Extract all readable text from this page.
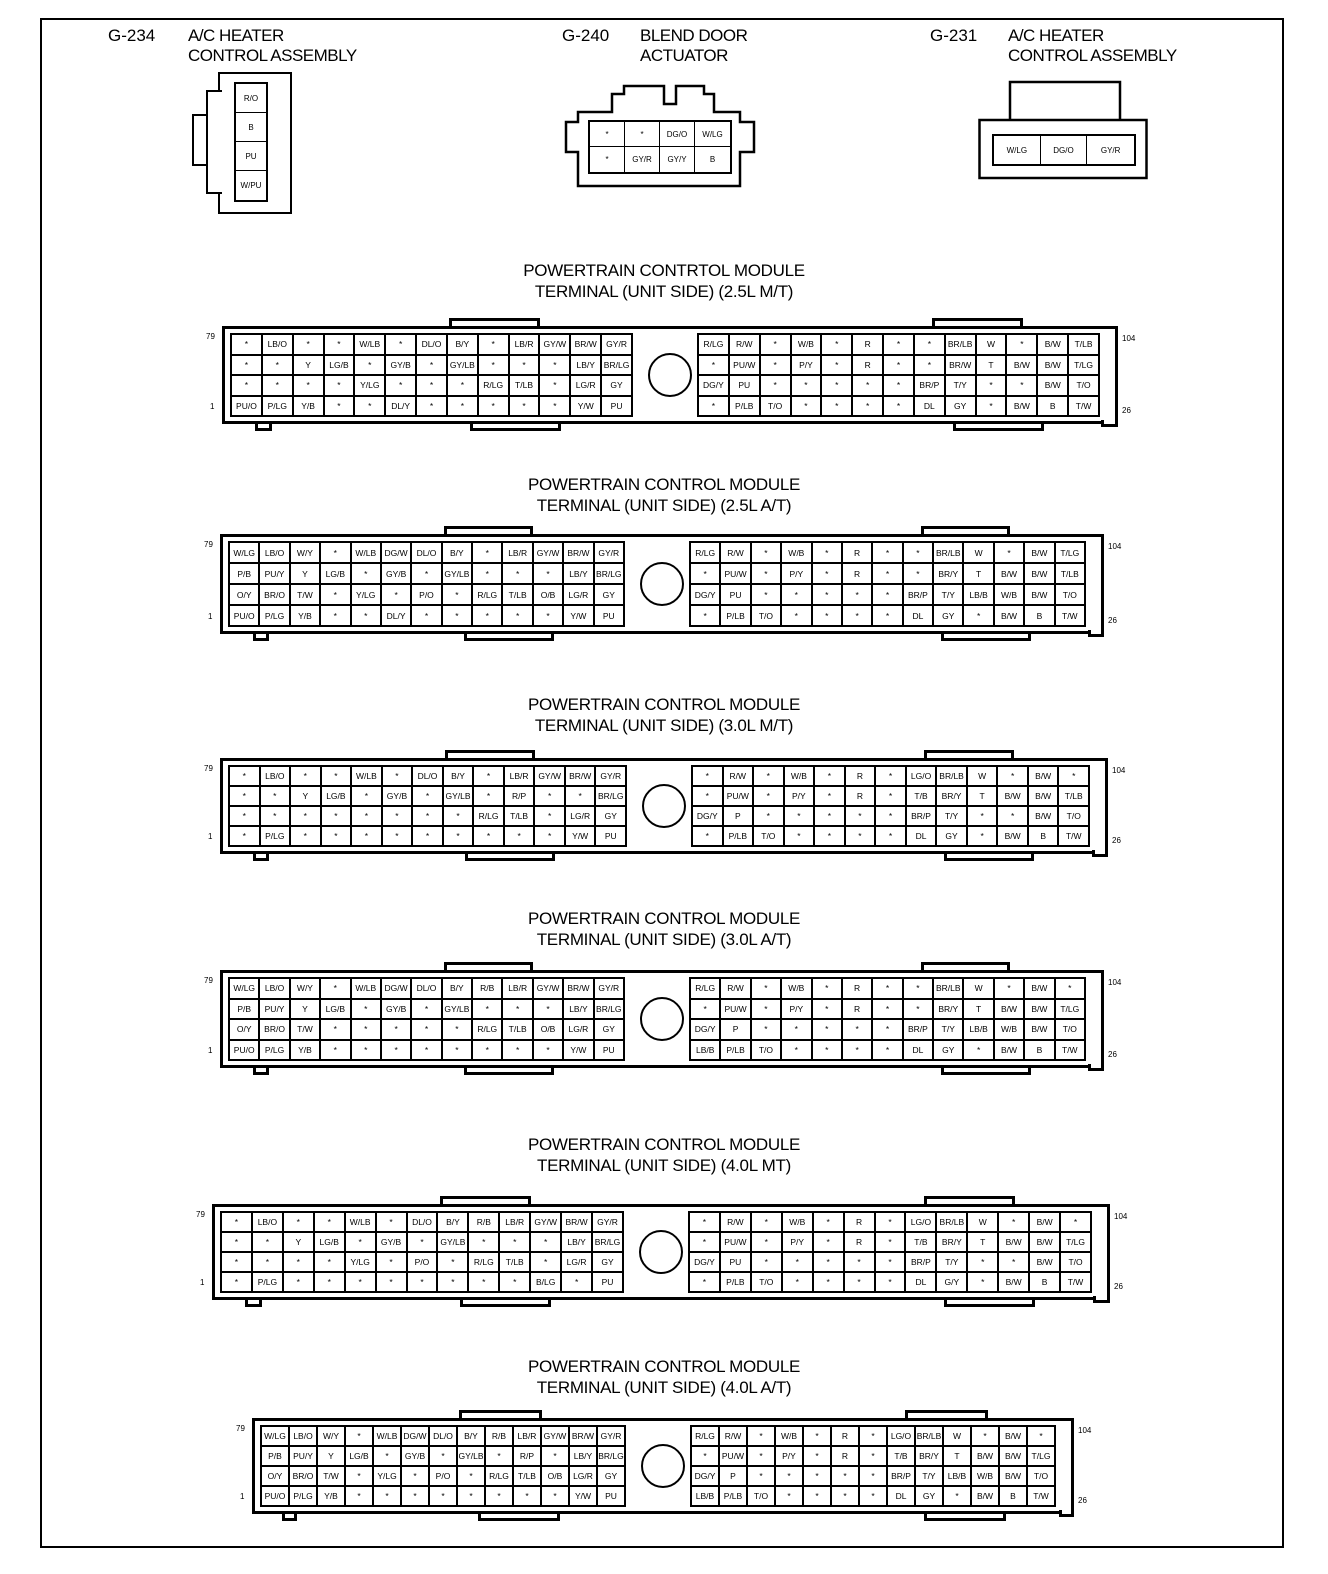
G-234 A/C HEATER
CONTROL ASSEMBLY
R/O
B
PU
W/PU
G-240 BLEND DOOR
ACTUATOR
*	*	DG/O	W/LG
*	GY/R	GY/Y	B
G-231 A/C HEATER
CONTROL ASSEMBLY
W/LG	DG/O	GY/R
POWERTRAIN CONTRTOL MODULE
TERMINAL (UNIT SIDE) (2.5L M/T)
*	LB/O	*	*	W/LB	*	DL/O	B/Y	*	LB/R	GY/W BR/W	GY/R
*	*	Y	LG/B	*	GY/B	*	GY/LB	*	*	*	LB/Y	BR/LG
*	*	*	*	Y/LG	*	*	*	R/LG	T/LB	*	LG/R	GY
PU/O	P/LG	Y/B	*	*	DL/Y	*	*	*	*	*	Y/W	PU
R/LG	R/W	*	W/B	*	R	*	*	BR/LB	W	*	B/W	T/LB
*	PU/W	*	P/Y	*	R	*	*	BR/W	T	B/W	B/W	T/LG
DG/Y	PU	*	*	*	*	*	BR/P	T/Y	*	*	B/W	T/O
*	P/LB	T/O	*	*	*	*	DL	GY	*	B/W	B	T/W
79
1
104
26
POWERTRAIN CONTROL MODULE
TERMINAL (UNIT SIDE) (2.5L A/T)
W/LG	LB/O	W/Y	*	W/LB DG/W	DL/O	B/Y	*	LB/R	GY/W BR/W	GY/R
P/B	PU/Y	Y	LG/B	*	GY/B	*	GY/LB	*	*	*	LB/Y BR/LG
O/Y	BR/O	T/W	*	Y/LG	*	P/O	*	R/LG	T/LB	O/B	LG/R	GY
PU/O	P/LG	Y/B	*	*	DL/Y	*	*	*	*	*	Y/W	PU
R/LG	R/W	*	W/B	*	R	*	*	BR/LB	W	*	B/W	T/LG
*	PU/W	*	P/Y	*	R	*	*	BR/Y	T	B/W	B/W	T/LB
DG/Y	PU	*	*	*	*	*	BR/P	T/Y	LB/B	W/B	B/W	T/O
*	P/LB	T/O	*	*	*	*	DL	GY	*	B/W	B	T/W
79
1
104
26
POWERTRAIN CONTROL MODULE
TERMINAL (UNIT SIDE) (3.0L M/T)
*	LB/O	*	*	W/LB	*	DL/O	B/Y	*	LB/R	GY/W BR/W	GY/R
*	*	Y	LG/B	*	GY/B	*	GY/LB	*	R/P	*	*	BR/LG
*	*	*	*	*	*	*	*	R/LG	T/LB	*	LG/R	GY
*	P/LG	*	*	*	*	*	*	*	*	*	Y/W	PU
*	R/W	*	W/B	*	R	*	LG/O BR/LB	W	*	B/W	*
*	PU/W	*	P/Y	*	R	*	T/B	BR/Y	T	B/W	B/W	T/LB
DG/Y	P	*	*	*	*	*	BR/P	T/Y	*	*	B/W	T/O
*	P/LB	T/O	*	*	*	*	DL	GY	*	B/W	B	T/W
79
1
104
26
POWERTRAIN CONTROL MODULE
TERMINAL (UNIT SIDE) (3.0L A/T)
W/LG	LB/O	W/Y	*	W/LB DG/W	DL/O	B/Y	R/B	LB/R	GY/W BR/W	GY/R
P/B	PU/Y	Y	LG/B	*	GY/B	*	GY/LB	*	*	*	LB/Y BR/LG
O/Y	BR/O	T/W	*	*	*	*	*	R/LG	T/LB	O/B	LG/R	GY
PU/O	P/LG	Y/B	*	*	*	*	*	*	*	*	Y/W	PU
R/LG	R/W	*	W/B	*	R	*	*	BR/LB	W	*	B/W	*
*	PU/W	*	P/Y	*	R	*	*	BR/Y	T	B/W	B/W	T/LG
DG/Y	P	*	*	*	*	*	BR/P	T/Y	LB/B	W/B	B/W	T/O
LB/B	P/LB	T/O	*	*	*	*	DL	GY	*	B/W	B	T/W
79
1
104
26
POWERTRAIN CONTROL MODULE
TERMINAL (UNIT SIDE) (4.0L MT)
*	LB/O	*	*	W/LB	*	DL/O	B/Y	R/B	LB/R	GY/W BR/W	GY/R
*	*	Y	LG/B	*	GY/B	*	GY/LB	*	*	*	LB/Y	BR/LG
*	*	*	*	Y/LG	*	P/O	*	R/LG	T/LB	*	LG/R	GY
*	P/LG	*	*	*	*	*	*	*	*	B/LG	*	PU
*	R/W	*	W/B	*	R	*	LG/O BR/LB	W	*	B/W	*
*	PU/W	*	P/Y	*	R	*	T/B	BR/Y	T	B/W	B/W	T/LG
DG/Y	PU	*	*	*	*	*	BR/P	T/Y	*	*	B/W	T/O
*	P/LB	T/O	*	*	*	*	DL	G/Y	*	B/W	B	T/W
79
1
104
26
POWERTRAIN CONTROL MODULE
TERMINAL (UNIT SIDE) (4.0L A/T)
W/LG LB/O	W/Y	*	W/LB DG/W DL/O	B/Y	R/B	LB/R GY/W BR/W GY/R
P/B	PU/Y	Y	LG/B	*	GY/B	*	GY/LB	*	R/P	*	LB/Y BR/LG
O/Y	BR/O	T/W	*	Y/LG	*	P/O	*	R/LG	T/LB	O/B	LG/R	GY
PU/O P/LG	Y/B	*	*	*	*	*	*	*	*	Y/W	PU
R/LG	R/W	*	W/B	*	R	*	LG/O BR/LB	W	*	B/W	*
*	PU/W	*	P/Y	*	R	*	T/B	BR/Y	T	B/W	B/W	T/LG
DG/Y	P	*	*	*	*	*	BR/P	T/Y	LB/B	W/B	B/W	T/O
LB/B	P/LB	T/O	*	*	*	*	DL	GY	*	B/W	B	T/W
79
1
104
26
